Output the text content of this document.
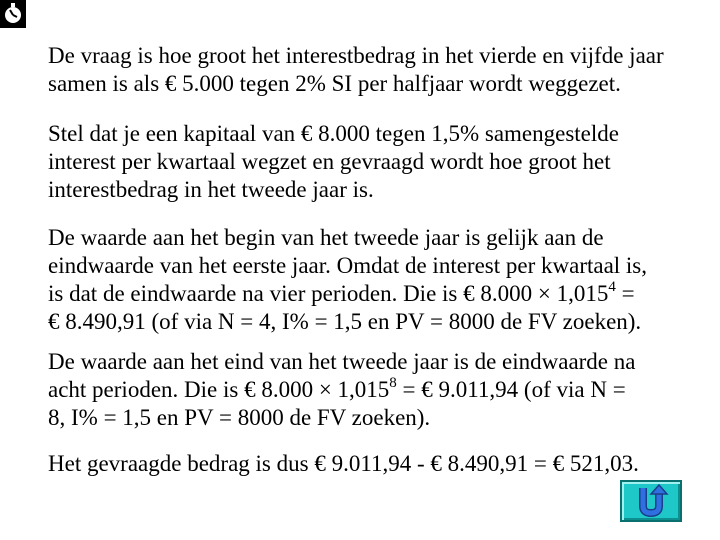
De vraag is hoe groot het interestbedrag in het vierde en vijfde jaar
samen is als € 5.000 tegen 2% SI per halfjaar wordt weggezet.
Stel dat je een kapitaal van € 8.000 tegen 1,5% samengestelde
interest per kwartaal wegzet en gevraagd wordt hoe groot het
interestbedrag in het tweede jaar is.
De waarde aan het begin van het tweede jaar is gelijk aan de
eindwaarde van het eerste jaar. Omdat de interest per kwartaal is,
is dat de eindwaarde na vier perioden. Die is € $8.000 \times 1,015^4$ =
€ 8.490,91 (of via N = 4, I% = 1,5 en PV = 8000 de FV zoeken).
De waarde aan het eind van het tweede jaar is de eindwaarde na
acht perioden. Die is € $8.000 \times 1,015^8$ = € 9.011,94 (of via N =
8, I% = 1,5 en PV = 8000 de FV zoeken).
Het gevraagde bedrag is dus € 9.011,94 - € 8.490,91 = € 521,03.
